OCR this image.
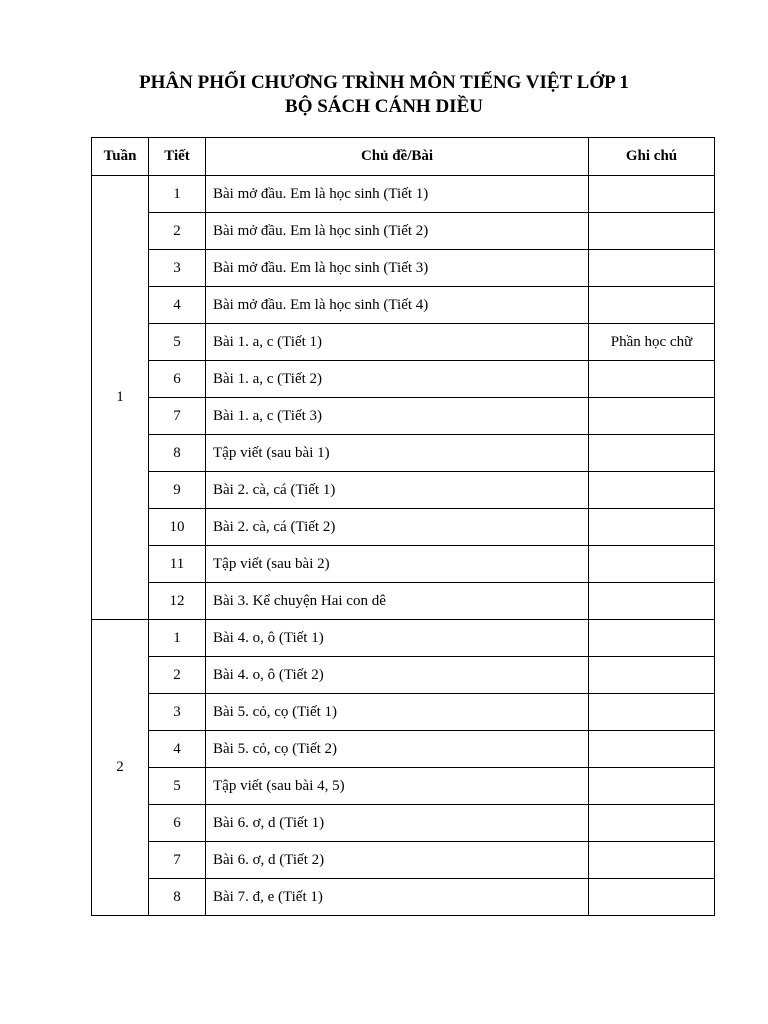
PHÂN PHỐI CHƯƠNG TRÌNH MÔN TIẾNG VIỆT LỚP 1
BỘ SÁCH CÁNH DIỀU
Tuần	Tiết	Chủ đề/Bài	Ghi chú
1	1	Bài mở đầu. Em là học sinh (Tiết 1)	
	2	Bài mở đầu. Em là học sinh (Tiết 2)	
	3	Bài mở đầu. Em là học sinh (Tiết 3)	
	4	Bài mở đầu. Em là học sinh (Tiết 4)	
	5	Bài 1. a, c (Tiết 1)	Phần học chữ
	6	Bài 1. a, c (Tiết 2)	
	7	Bài 1. a, c (Tiết 3)	
	8	Tập viết (sau bài 1)	
	9	Bài 2. cà, cá (Tiết 1)	
	10	Bài 2. cà, cá (Tiết 2)	
	11	Tập viết (sau bài 2)	
	12	Bài 3. Kể chuyện Hai con dê	
2	1	Bài 4. o, ô (Tiết 1)	
	2	Bài 4. o, ô (Tiết 2)	
	3	Bài 5. cỏ, cọ (Tiết 1)	
	4	Bài 5. cỏ, cọ (Tiết 2)	
	5	Tập viết (sau bài 4, 5)	
	6	Bài 6. ơ, d (Tiết 1)	
	7	Bài 6. ơ, d (Tiết 2)	
	8	Bài 7. đ, e (Tiết 1)	
